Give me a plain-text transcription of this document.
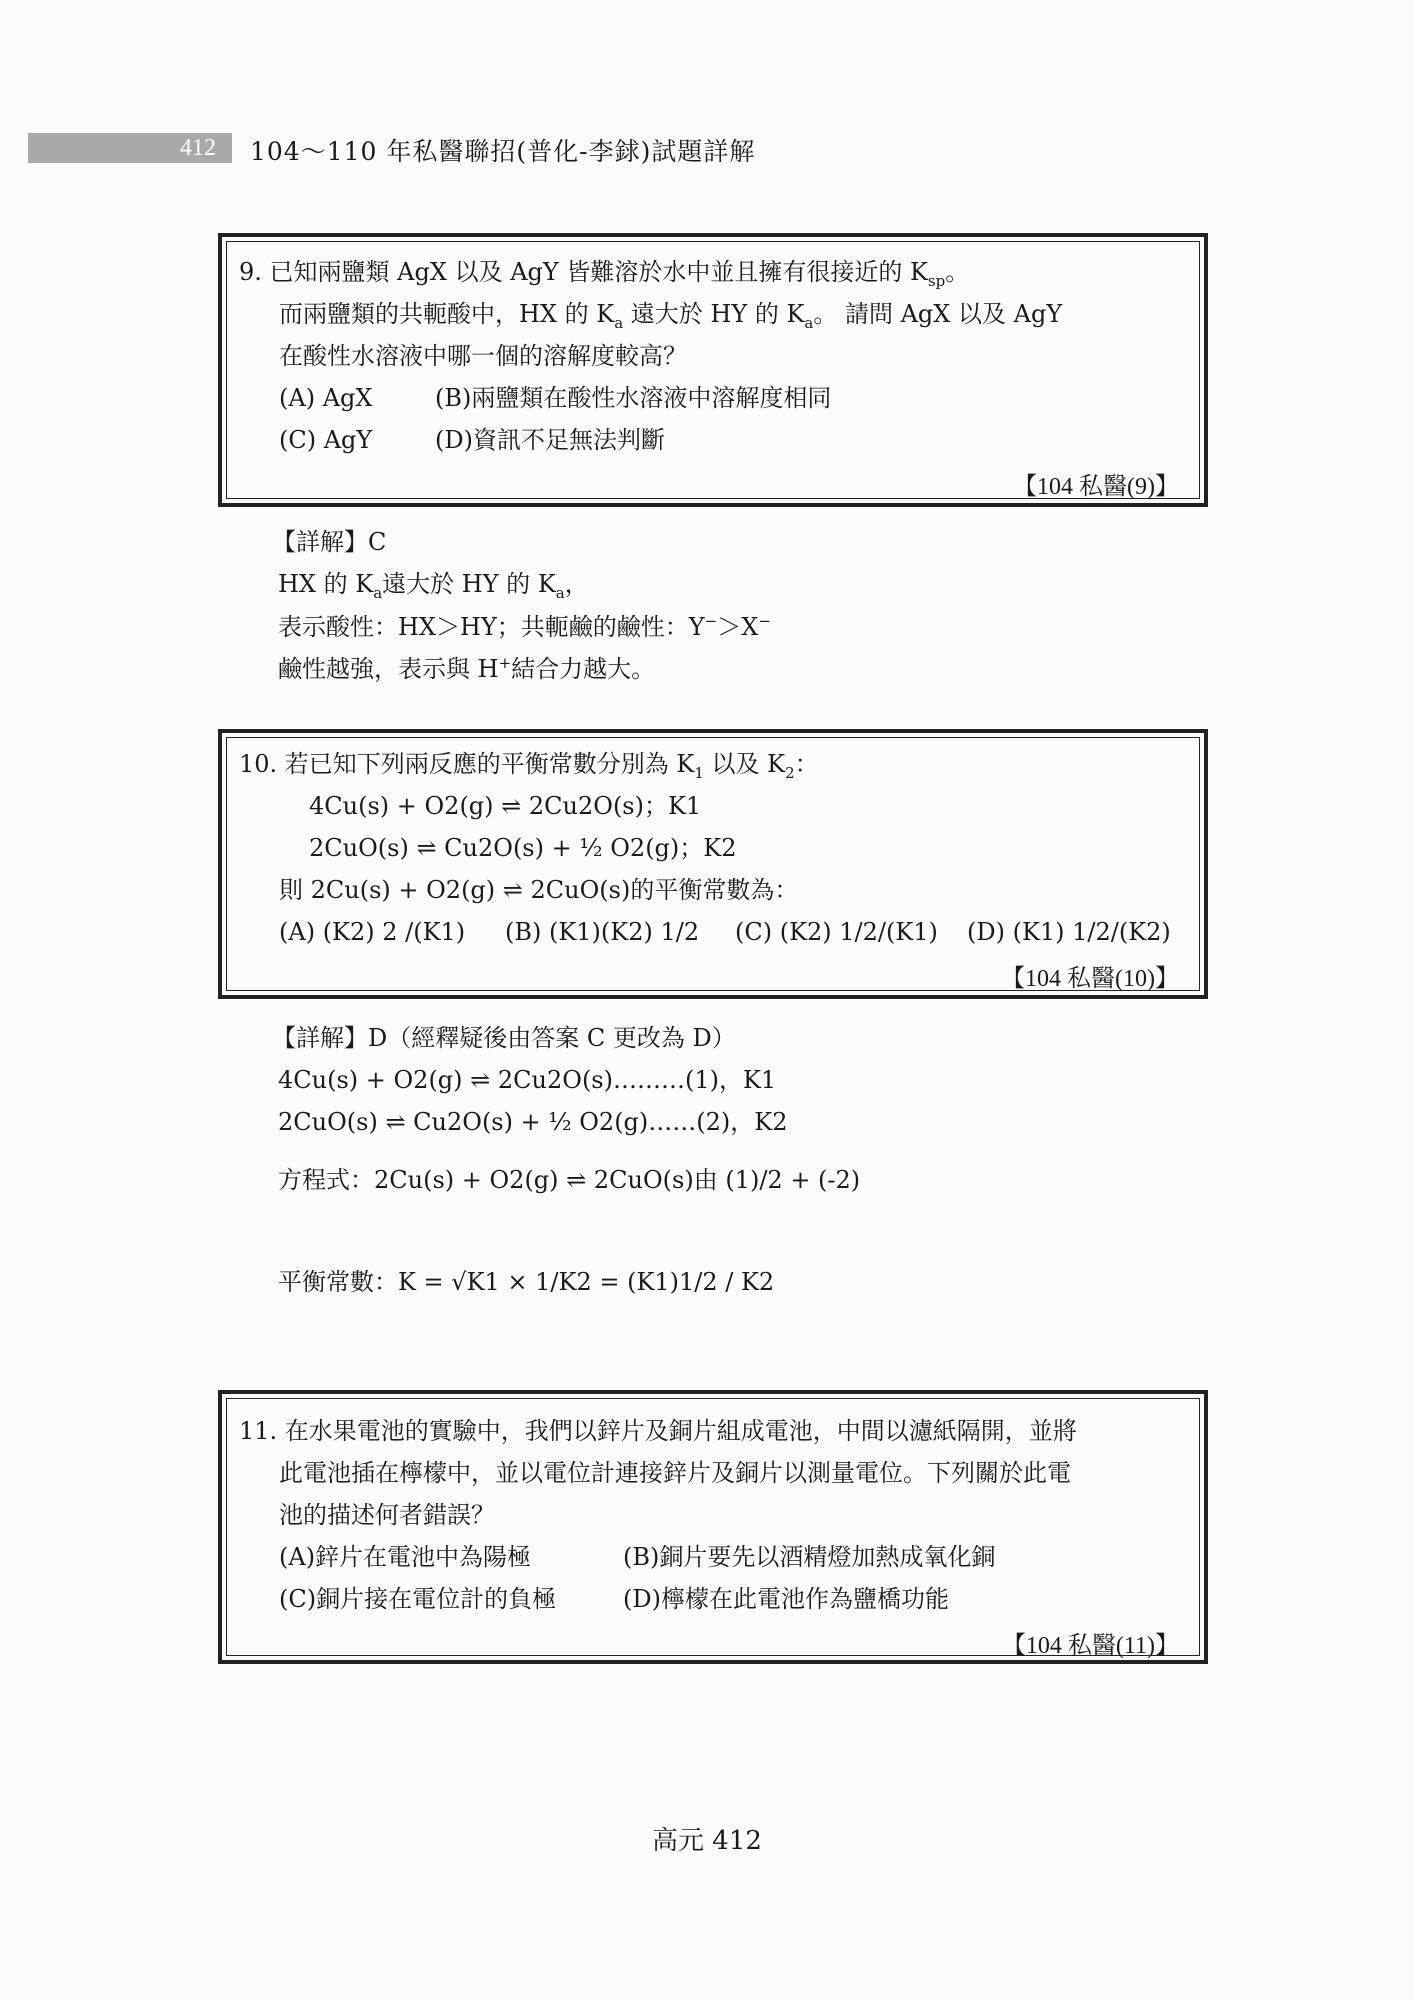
412 104～110 年私醫聯招(普化-李銶)試題詳解
9. 已知兩鹽類 AgX 以及 AgY 皆難溶於水中並且擁有很接近的 $K_{sp}$。
而兩鹽類的共軛酸中，HX 的 $K_a$ 遠大於 HY 的 $K_a$。 請問 AgX 以及 AgY
在酸性水溶液中哪一個的溶解度較高？
(A) AgX	(B)兩鹽類在酸性水溶液中溶解度相同
(C) AgY	(D)資訊不足無法判斷
【104 私醫(9)】
【詳解】C
HX 的 $K_a$遠大於 HY 的 $K_a$，
表示酸性：HX＞HY；共軛鹼的鹼性：Y−＞X−
鹼性越強，表示與 H+結合力越大。
10. 若已知下列兩反應的平衡常數分別為 $K_1$ 以及 $K_2$：
4Cu(s) + O2(g) ⇌ 2Cu2O(s)；K1
2CuO(s) ⇌ Cu2O(s) + ½ O2(g)；K2
則 2Cu(s) + O2(g) ⇌ 2CuO(s)的平衡常數為：
(A) (K2) 2 /(K1) (B) (K1)(K2) 1/2 (C) (K2) 1/2/(K1) (D) (K1) 1/2/(K2)
【104 私醫(10)】
【詳解】D（經釋疑後由答案 C 更改為 D）
4Cu(s) + O2(g) ⇌ 2Cu2O(s)………(1)，K1
2CuO(s) ⇌ Cu2O(s) + ½ O2(g)……(2)，K2
方程式：2Cu(s) + O2(g) ⇌ 2CuO(s)由 (1)/2 + (-2)
平衡常數：K = √K1 × 1/K2 = (K1)1/2 / K2
11. 在水果電池的實驗中，我們以鋅片及銅片組成電池，中間以濾紙隔開，並將
此電池插在檸檬中，並以電位計連接鋅片及銅片以測量電位。下列關於此電
池的描述何者錯誤？
(A)鋅片在電池中為陽極	(B)銅片要先以酒精燈加熱成氧化銅
(C)銅片接在電位計的負極	(D)檸檬在此電池作為鹽橋功能
【104 私醫(11)】
高元 412
